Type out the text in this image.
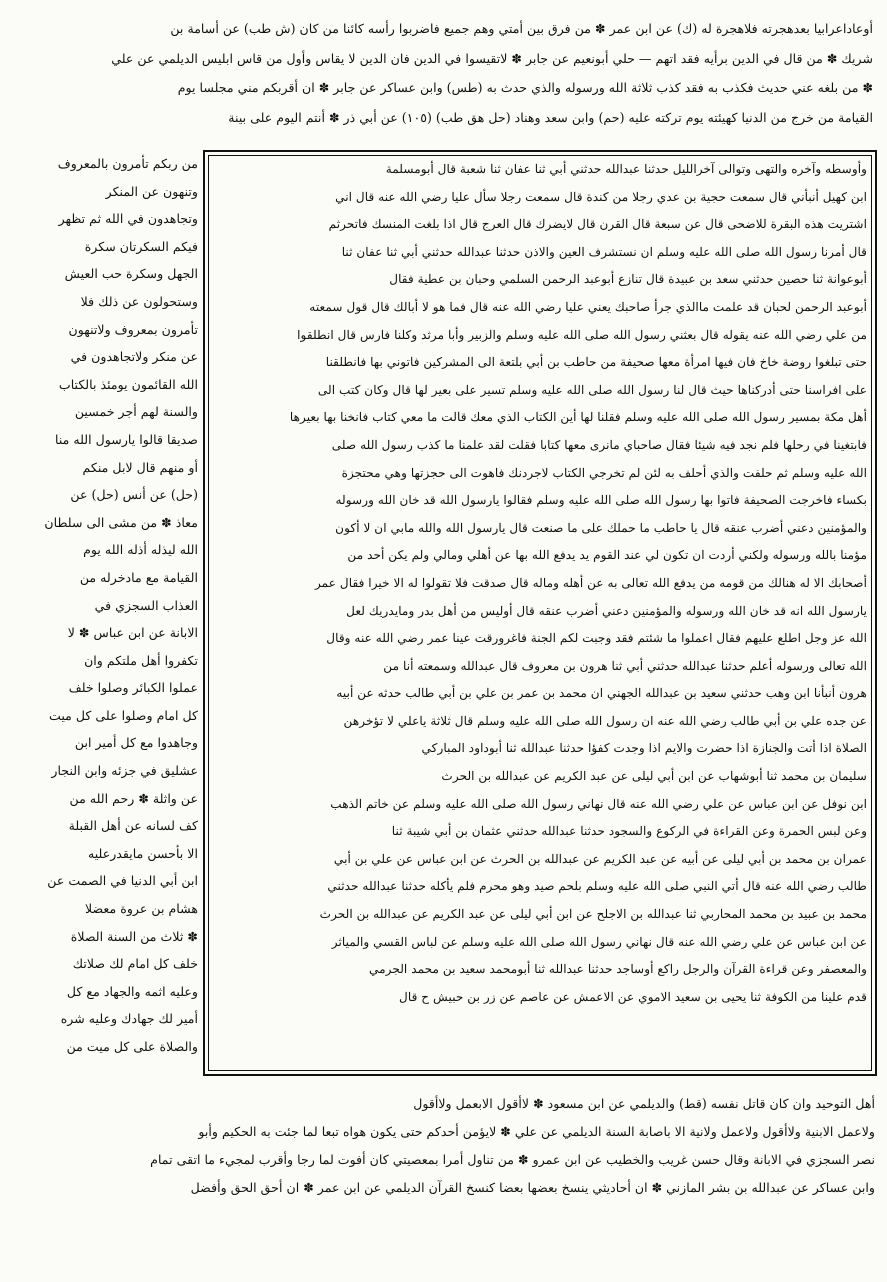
أوعاداعرابيا بعدهجرته فلاهجرة له (ك) عن ابن عمر ✽ من فرق بين أمتي وهم جميع فاضربوا رأسه كائنا من كان (ش طب) عن أسامة بن
شريك ✽ من قال في الدين برأيه فقد اتهم — حلي أبونعيم عن جابر ✽ لاتقيسوا في الدين فان الدين لا يقاس وأول من قاس ابليس الديلمي عن علي
✽ من بلغه عني حديث فكذب به فقد كذب ثلاثة الله ورسوله والذي حدث به (طس) وابن عساكر عن جابر ✽ ان أقربكم مني مجلسا يوم
القيامة من خرج من الدنيا كهيئته يوم تركته عليه (حم) وابن سعد وهناد (حل هق طب) (١٠٥) عن أبي ذر ✽ أنتم اليوم على بينة
من ربكم تأمرون بالمعروف
وتنهون عن المنكر
وتجاهدون في الله ثم تظهر
فيكم السكرتان سكرة
الجهل وسكرة حب العيش
وستحولون عن ذلك فلا
تأمرون بمعروف ولاتنهون
عن منكر ولاتجاهدون في
الله القائمون يومئذ بالكتاب
والسنة لهم أجر خمسين
صديقا قالوا يارسول الله منا
أو منهم قال لابل منكم
(حل) عن أنس (حل) عن
معاذ ✽ من مشى الى سلطان
الله ليذله أذله الله يوم
القيامة مع مادخرله من
العذاب السجزي في
الابانة عن ابن عباس ✽ لا
تكفروا أهل ملتكم وان
عملوا الكبائر وصلوا خلف
كل امام وصلوا على كل ميت
وجاهدوا مع كل أمير ابن
عشليق في جزئه وابن النجار
عن واثلة ✽ رحم الله من
كف لسانه عن أهل القبلة
الا بأحسن مايقدرعليه
ابن أبي الدنيا في الصمت عن
هشام بن عروة معضلا
✽ ثلاث من السنة الصلاة
خلف كل امام لك صلاتك
وعليه اثمه والجهاد مع كل
أمير لك جهادك وعليه شره
والصلاة على كل ميت من
وأوسطه وآخره والتهى وتوالى آخرالليل حدثنا عبدالله حدثني أبي ثنا عفان ثنا شعبة قال أبومسلمة
ابن كهيل أنبأني قال سمعت حجية بن عدي رجلا من كندة قال سمعت رجلا سأل عليا رضي الله عنه قال اني
اشتريت هذه البقرة للاضحى قال عن سبعة قال القرن قال لايضرك قال العرج قال اذا بلغت المنسك فاتحرثم
قال أمرنا رسول الله صلى الله عليه وسلم ان نستشرف العين والاذن حدثنا عبدالله حدثني أبي ثنا عفان ثنا
أبوعوانة ثنا حصين حدثني سعد بن عبيدة قال تنازع أبوعبد الرحمن السلمي وحبان بن عطية فقال
أبوعبد الرحمن لحبان قد علمت ماالذي جرأ صاحبك يعني عليا رضي الله عنه قال فما هو لا أبالك قال قول سمعته
من علي رضي الله عنه يقوله قال بعثني رسول الله صلى الله عليه وسلم والزبير وأبا مرثد وكلنا فارس قال انطلقوا
حتى تبلغوا روضة خاخ فان فيها امرأة معها صحيفة من حاطب بن أبي بلتعة الى المشركين فاتوني بها فانطلقنا
على افراسنا حتى أدركناها حيث قال لنا رسول الله صلى الله عليه وسلم تسير على بعير لها قال وكان كتب الى
أهل مكة بمسير رسول الله صلى الله عليه وسلم فقلنا لها أين الكتاب الذي معك قالت ما معي كتاب فانخنا بها بعيرها
فابتغينا في رحلها فلم نجد فيه شيئا فقال صاحباي مانرى معها كتابا فقلت لقد علمنا ما كذب رسول الله صلى
الله عليه وسلم ثم حلفت والذي أحلف به لئن لم تخرجي الكتاب لاجردنك فاهوت الى حجزتها وهي محتجزة
بكساء فاخرجت الصحيفة فاتوا بها رسول الله صلى الله عليه وسلم فقالوا يارسول الله قد خان الله ورسوله
والمؤمنين دعني أضرب عنقه قال يا حاطب ما حملك على ما صنعت قال يارسول الله والله مابي ان لا أكون
مؤمنا بالله ورسوله ولكني أردت ان تكون لي عند القوم يد يدفع الله بها عن أهلي ومالي ولم يكن أحد من
أصحابك الا له هنالك من قومه من يدفع الله تعالى به عن أهله وماله قال صدقت فلا تقولوا له الا خيرا فقال عمر
يارسول الله انه قد خان الله ورسوله والمؤمنين دعني أضرب عنقه قال أوليس من أهل بدر ومايدريك لعل
الله عز وجل اطلع عليهم فقال اعملوا ما شئتم فقد وجبت لكم الجنة فاغرورقت عينا عمر رضي الله عنه وقال
الله تعالى ورسوله أعلم حدثنا عبدالله حدثني أبي ثنا هرون بن معروف قال عبدالله وسمعته أنا من
هرون أنبأنا ابن وهب حدثني سعيد بن عبدالله الجهني ان محمد بن عمر بن علي بن أبي طالب حدثه عن أبيه
عن جده علي بن أبي طالب رضي الله عنه ان رسول الله صلى الله عليه وسلم قال ثلاثة ياعلي لا تؤخرهن
الصلاة اذا أتت والجنازة اذا حضرت والايم اذا وجدت كفؤا حدثنا عبدالله ثنا أبوداود المباركي
سليمان بن محمد ثنا أبوشهاب عن ابن أبي ليلى عن عبد الكريم عن عبدالله بن الحرث
ابن نوفل عن ابن عباس عن علي رضي الله عنه قال نهاني رسول الله صلى الله عليه وسلم عن خاتم الذهب
وعن لبس الحمرة وعن القراءة في الركوع والسجود حدثنا عبدالله حدثني عثمان بن أبي شيبة ثنا
عمران بن محمد بن أبي ليلى عن أبيه عن عبد الكريم عن عبدالله بن الحرث عن ابن عباس عن علي بن أبي
طالب رضي الله عنه قال أتي النبي صلى الله عليه وسلم بلحم صيد وهو محرم فلم يأكله حدثنا عبدالله حدثني
محمد بن عبيد بن محمد المحاربي ثنا عبدالله بن الاجلح عن ابن أبي ليلى عن عبد الكريم عن عبدالله بن الحرث
عن ابن عباس عن علي رضي الله عنه قال نهاني رسول الله صلى الله عليه وسلم عن لباس القسي والمياثر
والمعصفر وعن قراءة القرآن والرجل راكع أوساجد حدثنا عبدالله ثنا أبومحمد سعيد بن محمد الجرمي
قدم علينا من الكوفة ثنا يحيى بن سعيد الاموي عن الاعمش عن عاصم عن زر بن حبيش ح قال
أهل التوحيد وان كان قاتل نفسه (قط) والديلمي عن ابن مسعود ✽ لاأقول الابعمل ولاأقول
ولاعمل الابنية ولاأقول ولاعمل ولانية الا باصابة السنة الديلمي عن علي ✽ لايؤمن أحدكم حتى يكون هواه تبعا لما جئت به الحكيم وأبو
نصر السجزي في الابانة وقال حسن غريب والخطيب عن ابن عمرو ✽ من تناول أمرا بمعصيتي كان أفوت لما رجا وأقرب لمجيء ما اتقى تمام
وابن عساكر عن عبدالله بن بشر المازني ✽ ان أحاديثي ينسخ بعضها بعضا كنسخ القرآن الديلمي عن ابن عمر ✽ ان أحق الحق وأفضل
